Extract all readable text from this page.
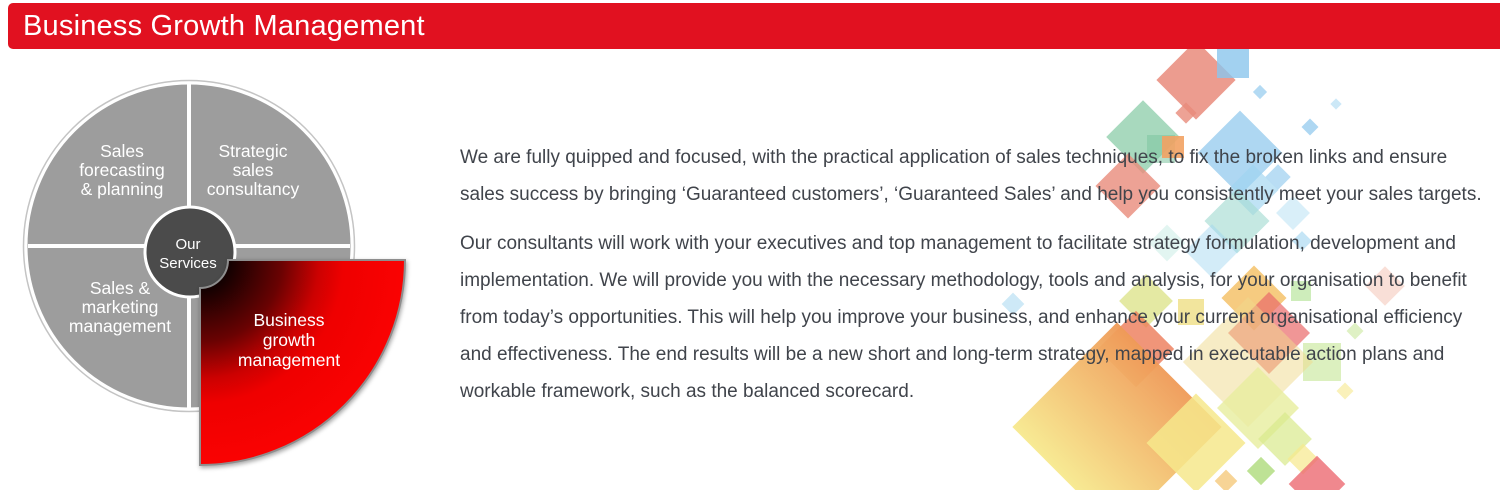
Business Growth Management
Sales
forecasting
& planning
Strategic
sales
consultancy
Sales &
marketing
management	Business
growth
management
Our
Services

We are fully quipped and focused, with the practical application of sales techniques, to fix the broken links and ensure
sales success by bringing ‘Guaranteed customers’, ‘Guaranteed Sales’ and help you consistently meet your sales targets.

Our consultants will work with your executives and top management to facilitate strategy formulation, development and
implementation. We will provide you with the necessary methodology, tools and analysis, for your organisation to benefit
from today’s opportunities. This will help you improve your business, and enhance your current organisational efficiency
and effectiveness. The end results will be a new short and long-term strategy, mapped in executable action plans and
workable framework, such as the balanced scorecard.
